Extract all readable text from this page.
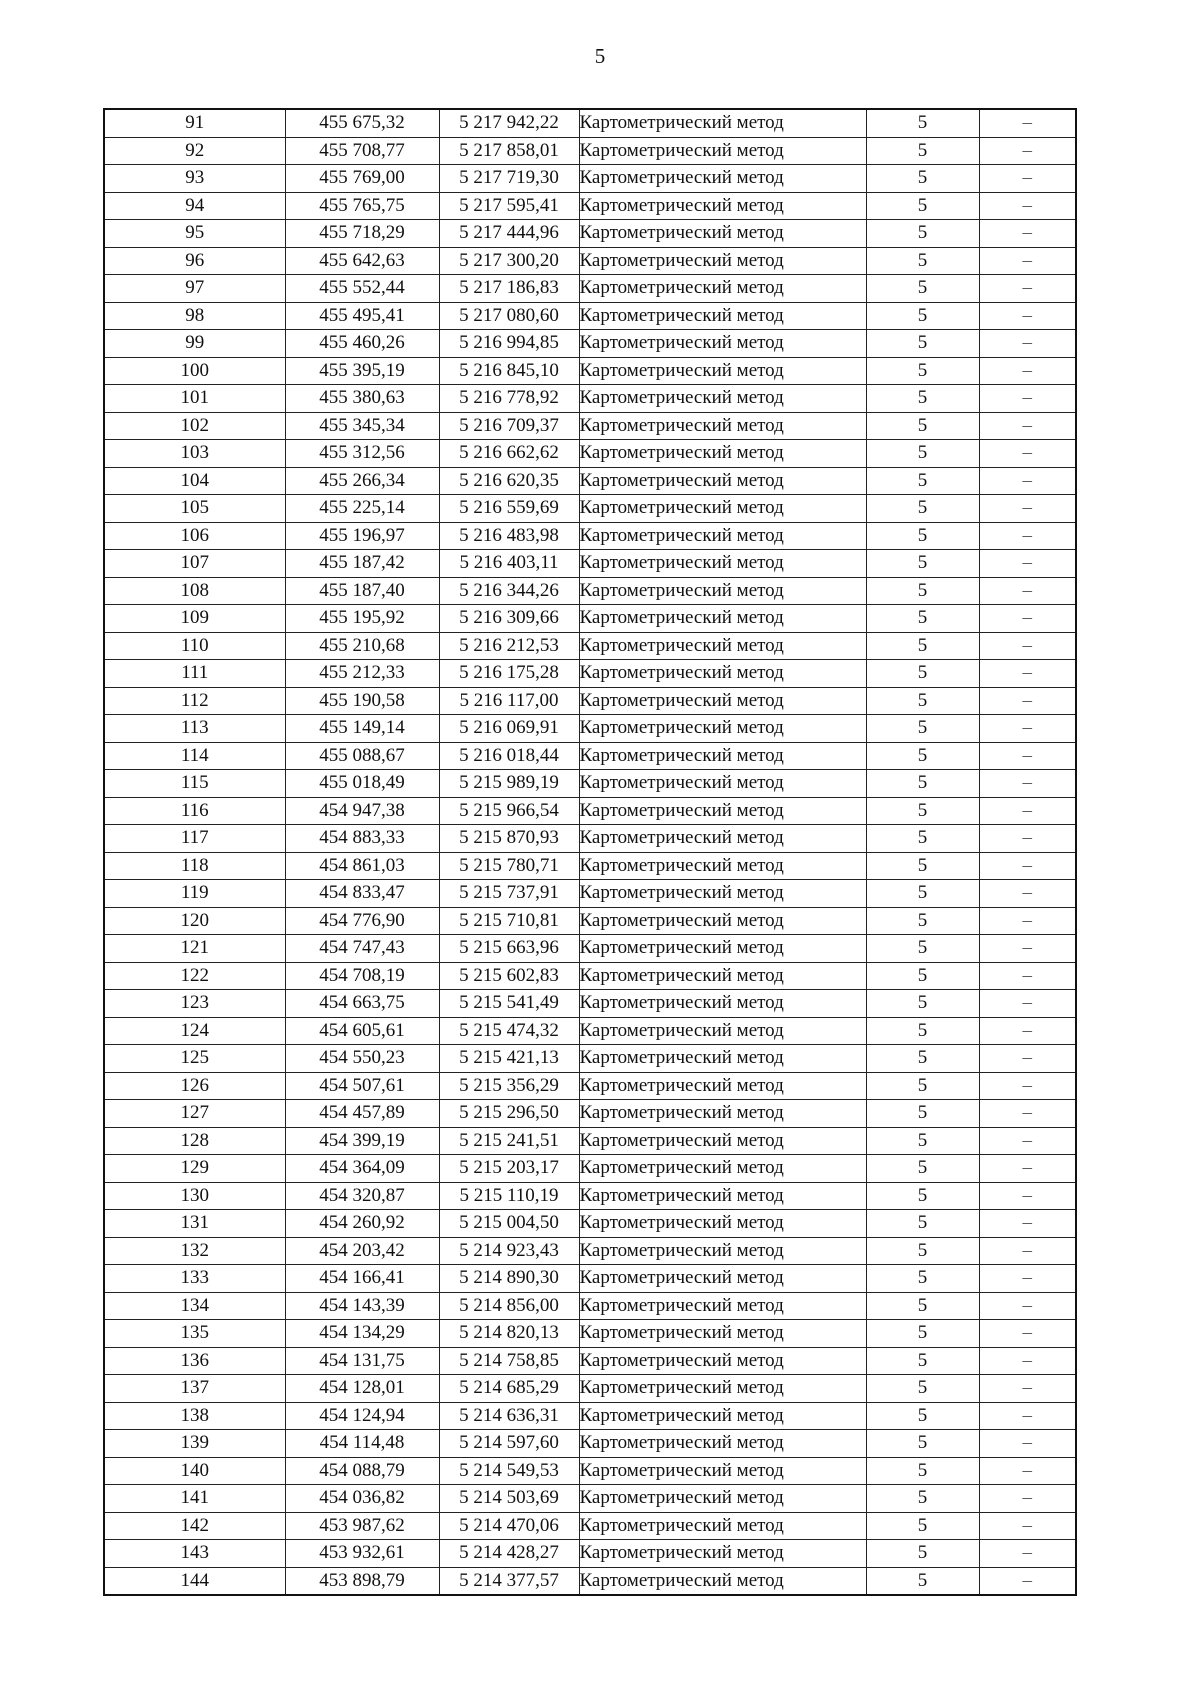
5
91	455 675,32	5 217 942,22	Картометрический метод	5	–
92	455 708,77	5 217 858,01	Картометрический метод	5	–
93	455 769,00	5 217 719,30	Картометрический метод	5	–
94	455 765,75	5 217 595,41	Картометрический метод	5	–
95	455 718,29	5 217 444,96	Картометрический метод	5	–
96	455 642,63	5 217 300,20	Картометрический метод	5	–
97	455 552,44	5 217 186,83	Картометрический метод	5	–
98	455 495,41	5 217 080,60	Картометрический метод	5	–
99	455 460,26	5 216 994,85	Картометрический метод	5	–
100	455 395,19	5 216 845,10	Картометрический метод	5	–
101	455 380,63	5 216 778,92	Картометрический метод	5	–
102	455 345,34	5 216 709,37	Картометрический метод	5	–
103	455 312,56	5 216 662,62	Картометрический метод	5	–
104	455 266,34	5 216 620,35	Картометрический метод	5	–
105	455 225,14	5 216 559,69	Картометрический метод	5	–
106	455 196,97	5 216 483,98	Картометрический метод	5	–
107	455 187,42	5 216 403,11	Картометрический метод	5	–
108	455 187,40	5 216 344,26	Картометрический метод	5	–
109	455 195,92	5 216 309,66	Картометрический метод	5	–
110	455 210,68	5 216 212,53	Картометрический метод	5	–
111	455 212,33	5 216 175,28	Картометрический метод	5	–
112	455 190,58	5 216 117,00	Картометрический метод	5	–
113	455 149,14	5 216 069,91	Картометрический метод	5	–
114	455 088,67	5 216 018,44	Картометрический метод	5	–
115	455 018,49	5 215 989,19	Картометрический метод	5	–
116	454 947,38	5 215 966,54	Картометрический метод	5	–
117	454 883,33	5 215 870,93	Картометрический метод	5	–
118	454 861,03	5 215 780,71	Картометрический метод	5	–
119	454 833,47	5 215 737,91	Картометрический метод	5	–
120	454 776,90	5 215 710,81	Картометрический метод	5	–
121	454 747,43	5 215 663,96	Картометрический метод	5	–
122	454 708,19	5 215 602,83	Картометрический метод	5	–
123	454 663,75	5 215 541,49	Картометрический метод	5	–
124	454 605,61	5 215 474,32	Картометрический метод	5	–
125	454 550,23	5 215 421,13	Картометрический метод	5	–
126	454 507,61	5 215 356,29	Картометрический метод	5	–
127	454 457,89	5 215 296,50	Картометрический метод	5	–
128	454 399,19	5 215 241,51	Картометрический метод	5	–
129	454 364,09	5 215 203,17	Картометрический метод	5	–
130	454 320,87	5 215 110,19	Картометрический метод	5	–
131	454 260,92	5 215 004,50	Картометрический метод	5	–
132	454 203,42	5 214 923,43	Картометрический метод	5	–
133	454 166,41	5 214 890,30	Картометрический метод	5	–
134	454 143,39	5 214 856,00	Картометрический метод	5	–
135	454 134,29	5 214 820,13	Картометрический метод	5	–
136	454 131,75	5 214 758,85	Картометрический метод	5	–
137	454 128,01	5 214 685,29	Картометрический метод	5	–
138	454 124,94	5 214 636,31	Картометрический метод	5	–
139	454 114,48	5 214 597,60	Картометрический метод	5	–
140	454 088,79	5 214 549,53	Картометрический метод	5	–
141	454 036,82	5 214 503,69	Картометрический метод	5	–
142	453 987,62	5 214 470,06	Картометрический метод	5	–
143	453 932,61	5 214 428,27	Картометрический метод	5	–
144	453 898,79	5 214 377,57	Картометрический метод	5	–
